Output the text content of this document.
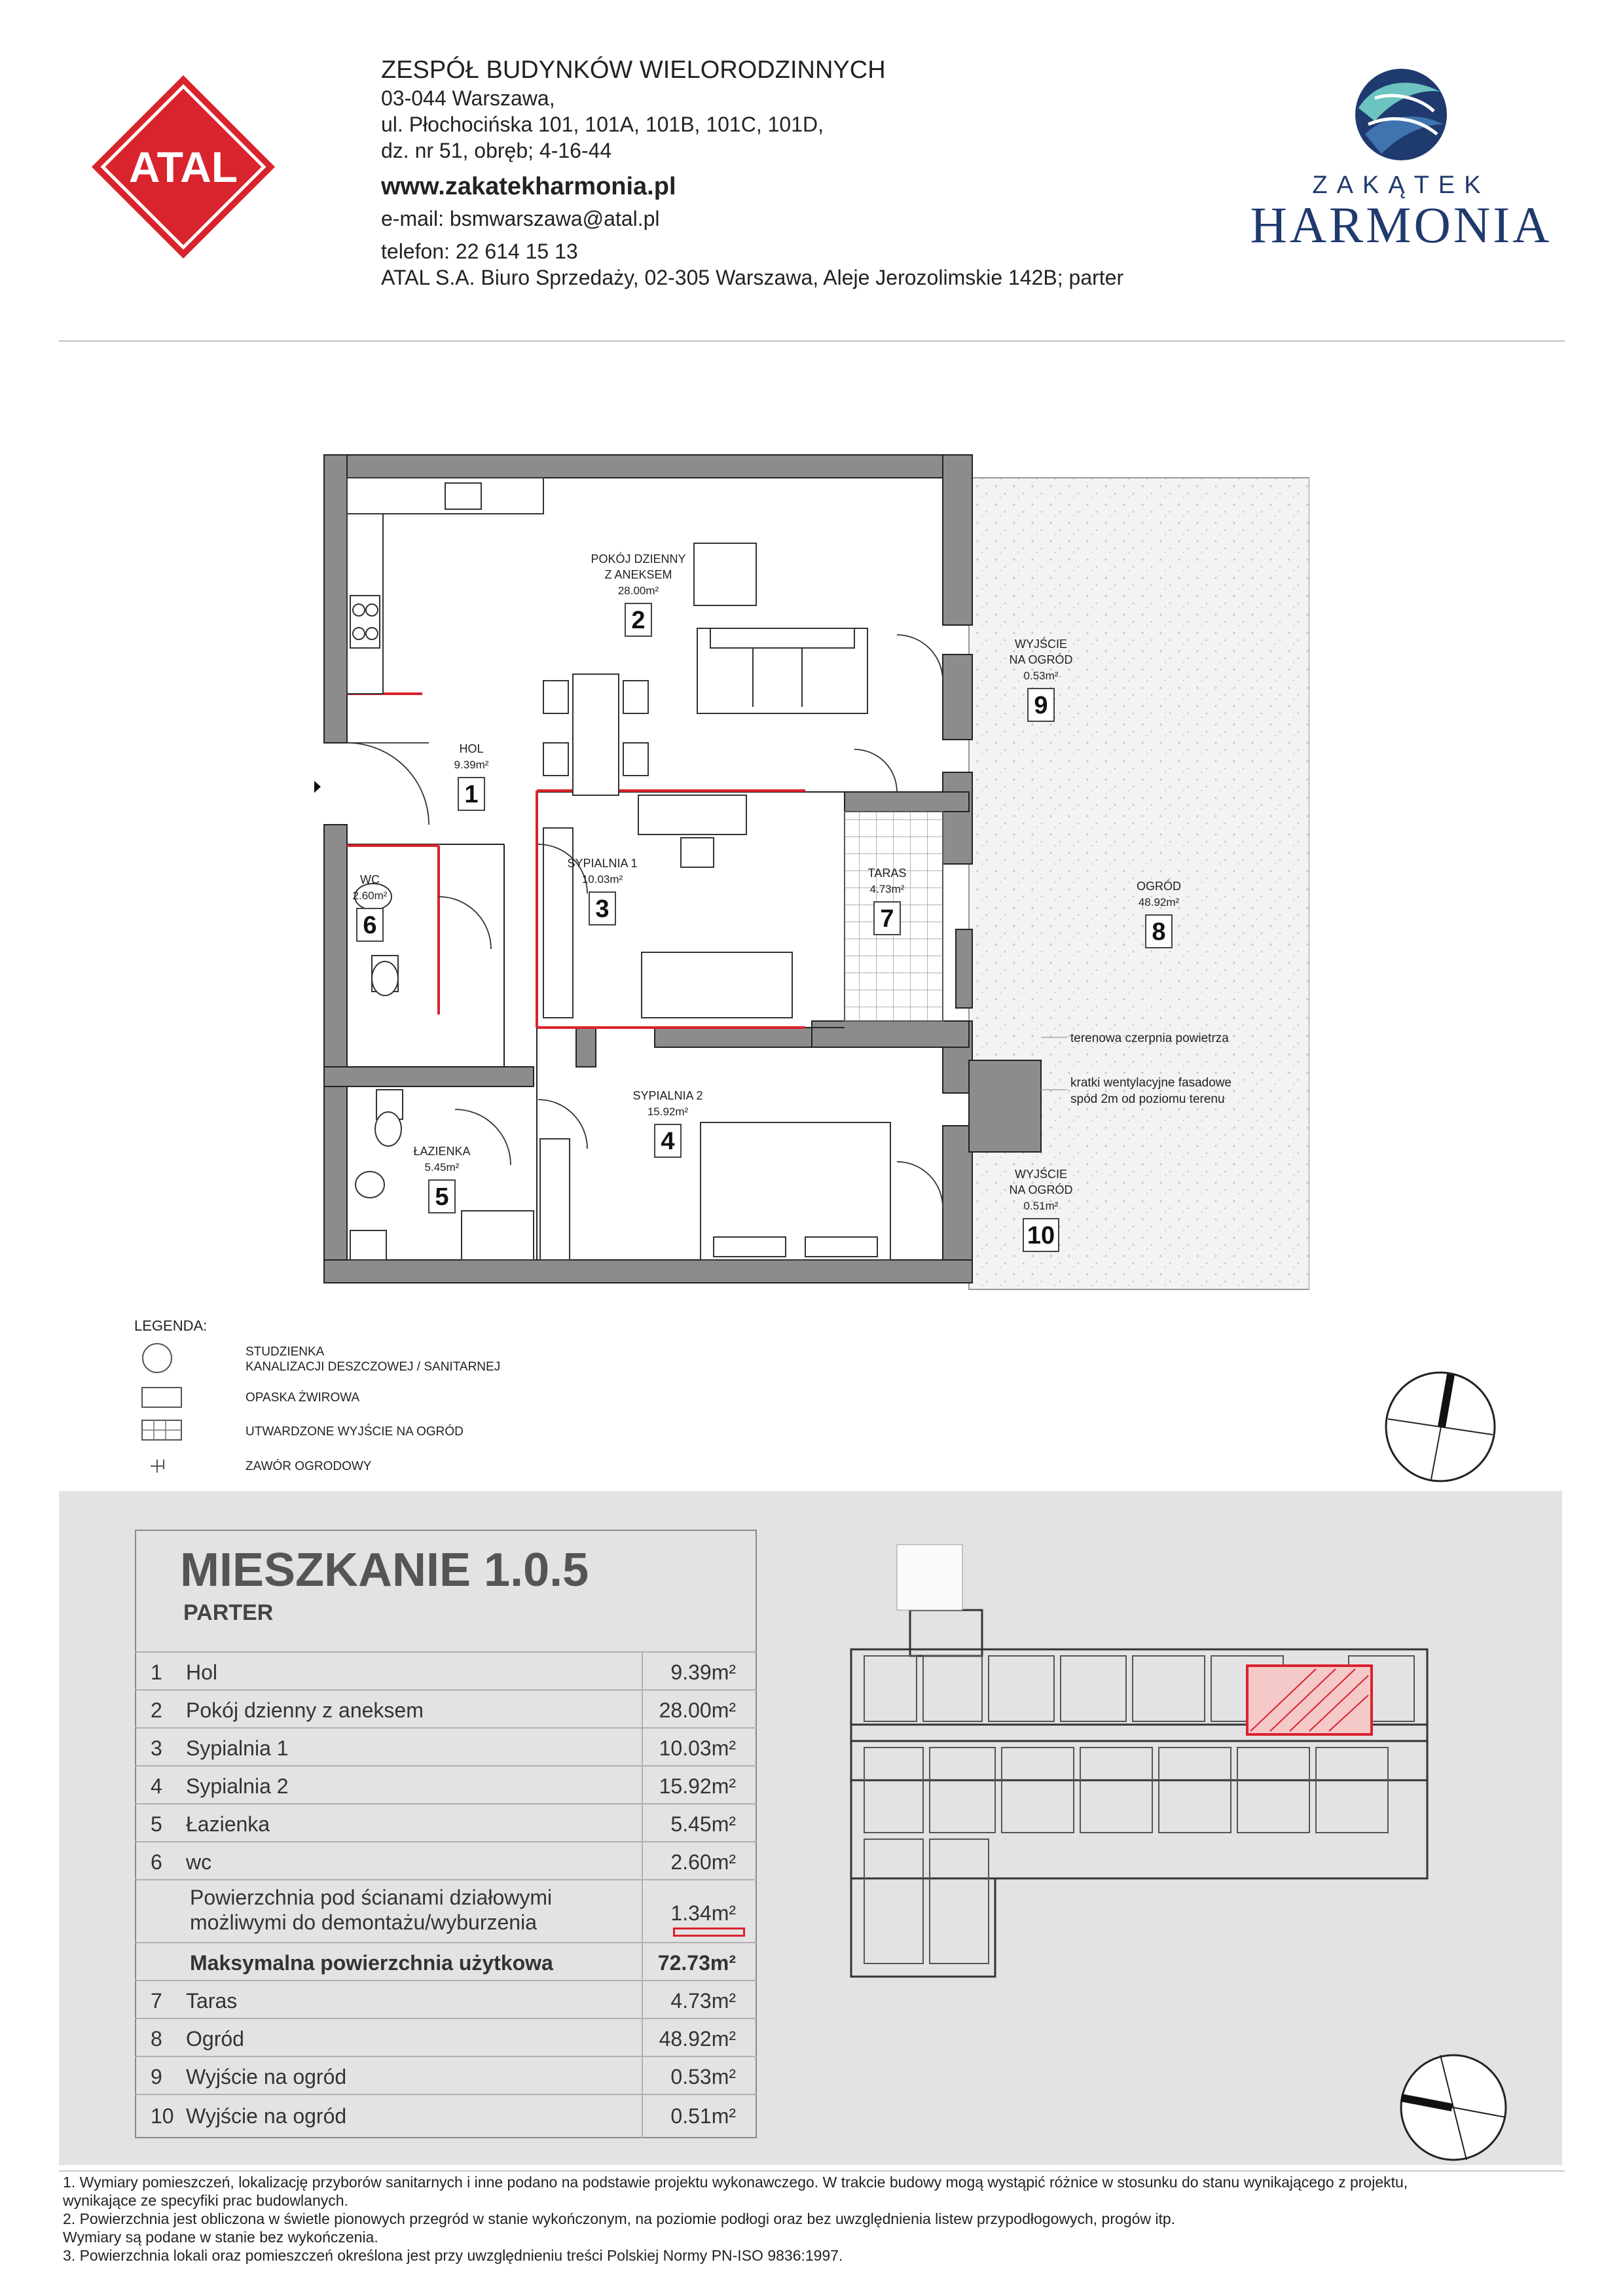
ATAL
ZESPÓŁ BUDYNKÓW WIELORODZINNYCH
03-044 Warszawa,
ul. Płochocińska 101, 101A, 101B, 101C, 101D,
dz. nr 51, obręb; 4-16-44
www.zakatekharmonia.pl
e-mail: bsmwarszawa@atal.pl
telefon: 22 614 15 13
ATAL S.A. Biuro Sprzedaży, 02-305 Warszawa, Aleje Jerozolimskie 142B; parter
ZAKĄTEK
HARMONIA
terenowa czerpnia powietrza
kratki wentylacyjne fasadowe
spód 2m od poziomu terenu
HOL
9.39m²
1
POKÓJ DZIENNY
Z ANEKSEM
28.00m²
2
SYPIALNIA 1
10.03m²
3
SYPIALNIA 2
15.92m²
4
ŁAZIENKA
5.45m²
5
WC
2.60m²
6
TARAS
4.73m²
7
OGRÓD
48.92m²
8
WYJŚCIE
NA OGRÓD
0.53m²
9
WYJŚCIE
NA OGRÓD
0.51m²
10
LEGENDA:
STUDZIENKA
KANALIZACJI DESZCZOWEJ / SANITARNEJ
OPASKA ŻWIROWA
UTWARDZONE WYJŚCIE NA OGRÓD
ZAWÓR OGRODOWY
MIESZKANIE 1.0.5
PARTER
1 Hol	9.39m²
2 Pokój dzienny z aneksem	28.00m²
3 Sypialnia 1	10.03m²
4 Sypialnia 2	15.92m²
5 Łazienka	5.45m²
6 wc	2.60m²
Powierzchnia pod ścianami działowymi
możliwymi do demontażu/wyburzenia	1.34m²
Maksymalna powierzchnia użytkowa	72.73m²
7 Taras	4.73m²
8 Ogród	48.92m²
9 Wyjście na ogród	0.53m²
10 Wyjście na ogród	0.51m²
1. Wymiary pomieszczeń, lokalizację przyborów sanitarnych i inne podano na podstawie projektu wykonawczego. W trakcie budowy mogą wystąpić różnice w stosunku do stanu wynikającego z projektu,
wynikające ze specyfiki prac budowlanych.
2. Powierzchnia jest obliczona w świetle pionowych przegród w stanie wykończonym, na poziomie podłogi oraz bez uwzględnienia listew przypodłogowych, progów itp.
Wymiary są podane w stanie bez wykończenia.
3. Powierzchnia lokali oraz pomieszczeń określona jest przy uwzględnieniu treści Polskiej Normy PN-ISO 9836:1997.
